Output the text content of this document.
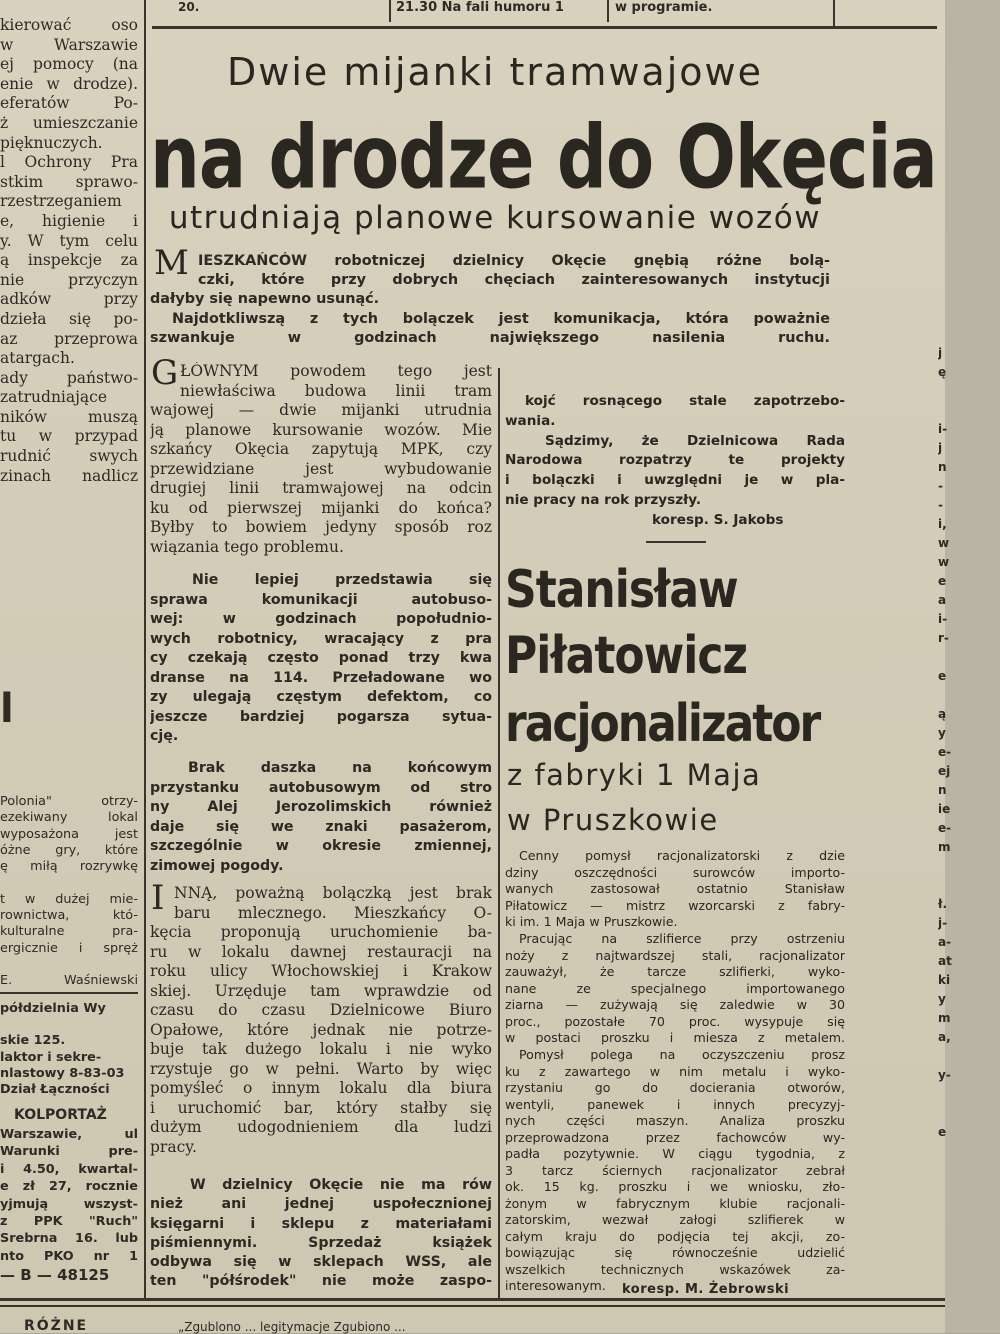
20.	21.30 Na fali humoru 1	w programie.
Dwie mijanki tramwajowe
na drodze do Okęcia
utrudniają planowe kursowanie wozów
M IESZKAŃCÓW robotniczej dzielnicy Okęcie gnębią różne bolą-
czki, które przy dobrych chęciach zainteresowanych instytucji
dałyby się napewno usunąć.
Najdotkliwszą z tych bolączek jest komunikacja, która poważnie
szwankuje w godzinach największego nasilenia ruchu.
kierować oso
w Warszawie
ej pomocy (na
enie w drodze).
eferatów Po-
ż umieszczanie
pięknuczych.
l Ochrony Pra
stkim sprawo-
rzestrzeganiem
e, higienie i
y. W tym celu
ą inspekcje za
nie przyczyn
adków przy
dzieła się po-
az przeprowa
atargach.
ady państwo-
zatrudniające
ników muszą
tu w przypad
rudnić swych
zinach nadlicz
l
Polonia" otrzy-
ezekiwany lokal
wyposażona jest
óżne gry, które
ę miłą rozrywkę

t w dużej mie-
rownictwa, któ-
kulturalne pra-
ergicznie i spręż

E. Waśniewski
półdzielnia Wy

skie 125.
laktor i sekre-
nlastowy 8-83-03
Dział Łączności
KOLPORTAŻ
Warszawie, ul
Warunki pre-
i 4.50, kwartal-
e zł 27, rocznie
yjmują wszyst-
z PPK "Ruch"
Srebrna 16. lub
nto PKO nr 1
— B — 48125
G ŁÓWNYM powodem tego jest
niewłaściwa budowa linii tram
wajowej — dwie mijanki utrudnia
ją planowe kursowanie wozów. Mie
szkańcy Okęcia zapytują MPK, czy
przewidziane jest wybudowanie
drugiej linii tramwajowej na odcin
ku od pierwszej mijanki do końca?
Byłby to bowiem jedyny sposób roz
wiązania tego problemu.
Nie lepiej przedstawia się
sprawa komunikacji autobuso-
wej: w godzinach popołudnio-
wych robotnicy, wracający z pra
cy czekają często ponad trzy kwa
dranse na 114. Przeładowane wo
zy ulegają częstym defektom, co
jeszcze bardziej pogarsza sytua-
cję.
Brak daszka na końcowym
przystanku autobusowym od stro
ny Alej Jerozolimskich również
daje się we znaki pasażerom,
szczególnie w okresie zmiennej,
zimowej pogody.
I NNĄ, poważną bolączką jest brak
baru mlecznego. Mieszkańcy O-
kęcia proponują uruchomienie ba-
ru w lokalu dawnej restauracji na
roku ulicy Włochowskiej i Krakow
skiej. Urzęduje tam wprawdzie od
czasu do czasu Dzielnicowe Biuro
Opałowe, które jednak nie potrze-
buje tak dużego lokalu i nie wyko
rzystuje go w pełni. Warto by więc
pomyśleć o innym lokalu dla biura
i uruchomić bar, który stałby się
dużym udogodnieniem dla ludzi
pracy.
W dzielnicy Okęcie nie ma rów
nież ani jednej uspołecznionej
księgarni i sklepu z materiałami
piśmiennymi. Sprzedaż książek
odbywa się w sklepach WSS, ale
ten "półśrodek" nie może zaspo-
kojć rosnącego stale zapotrzebo-
wania.
Sądzimy, że Dzielnicowa Rada
Narodowa rozpatrzy te projekty
i bolączki i uwzględni je w pla-
nie pracy na rok przyszły.
koresp. S. Jakobs
Stanisław
Piłatowicz
racjonalizator
z fabryki 1 Maja
w Pruszkowie
Cenny pomysł racjonalizatorski z dzie
dziny oszczędności surowców importo-
wanych zastosował ostatnio Stanisław
Piłatowicz — mistrz wzorcarski z fabry-
ki im. 1 Maja w Pruszkowie.
Pracując na szlifierce przy ostrzeniu
noży z najtwardszej stali, racjonalizator
zauważył, że tarcze szlifierki, wyko-
nane ze specjalnego importowanego
ziarna — zużywają się zaledwie w 30
proc., pozostałe 70 proc. wysypuje się
w postaci proszku i miesza z metalem.
Pomysł polega na oczyszczeniu prosz
ku z zawartego w nim metalu i wyko-
rzystaniu go do docierania otworów,
wentyli, panewek i innych precyzyj-
nych części maszyn. Analiza proszku
przeprowadzona przez fachowców wy-
padła pozytywnie. W ciągu tygodnia, z
3 tarcz ściernych racjonalizator zebrał
ok. 15 kg. proszku i we wniosku, zło-
żonym w fabrycznym klubie racjonali-
zatorskim, wezwał załogi szlifierek w
całym kraju do podjęcia tej akcji, zo-
bowiązując się równocześnie udzielić
wszelkich technicznych wskazówek za-
interesowanym.	koresp. M. Żebrowski
j
ę

i-
j
n
-
-
i,
w
w
e
a
i-
r-

e

ą
y
e-
ej
n
ie
e-
m

ł.
j-
a-
at
ki
y
m
a,

y-

e
RÓŻNE	„Zgublono ... legitymacje Zgubiono ...
